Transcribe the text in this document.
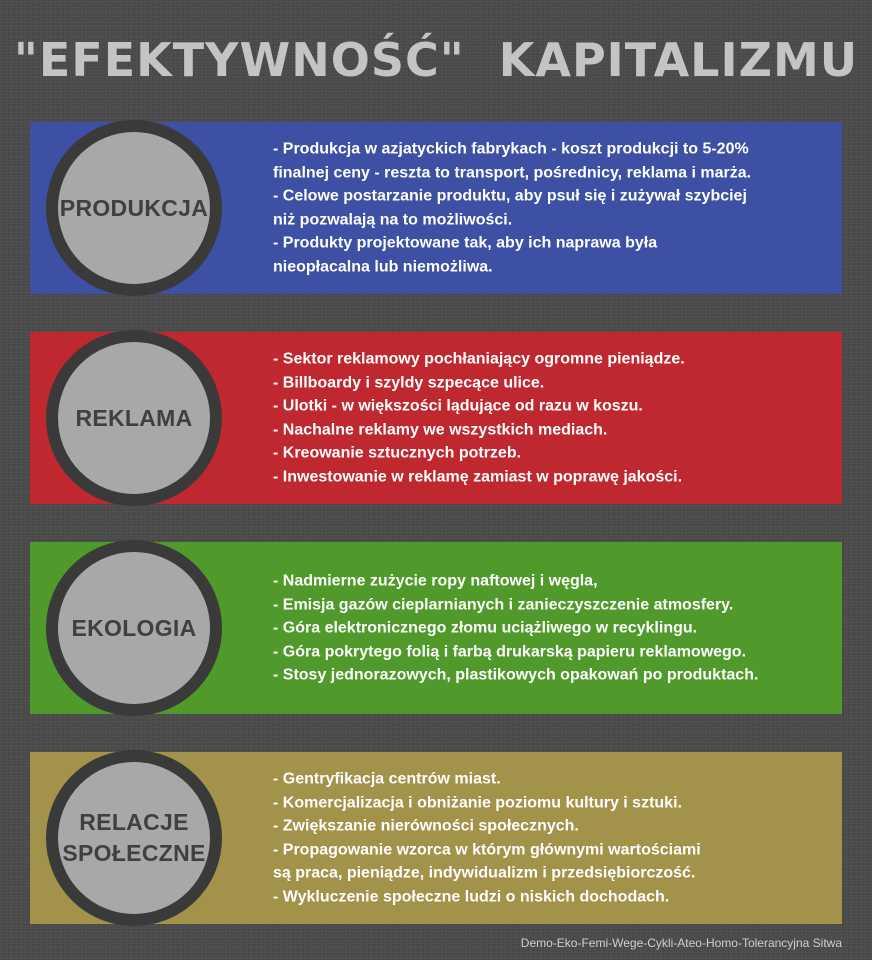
"EFEKTYWNOŚĆ"  KAPITALIZMU
PRODUKCJA
- Produkcja w azjatyckich fabrykach - koszt produkcji to 5-20%
finalnej ceny - reszta to transport, pośrednicy, reklama i marża.
- Celowe postarzanie produktu, aby psuł się i zużywał szybciej
niż pozwalają na to możliwości.
- Produkty projektowane tak, aby ich naprawa była
nieopłacalna lub niemożliwa.
REKLAMA
- Sektor reklamowy pochłaniający ogromne pieniądze.
- Billboardy i szyldy szpecące ulice.
- Ulotki - w większości lądujące od razu w koszu.
- Nachalne reklamy we wszystkich mediach.
- Kreowanie sztucznych potrzeb.
- Inwestowanie w reklamę zamiast w poprawę jakości.
EKOLOGIA
- Nadmierne zużycie ropy naftowej i węgla,
- Emisja gazów cieplarnianych i zanieczyszczenie atmosfery.
- Góra elektronicznego złomu uciążliwego w recyklingu.
- Góra pokrytego folią i farbą drukarską papieru reklamowego.
- Stosy jednorazowych, plastikowych opakowań po produktach.
RELACJE
SPOŁECZNE
- Gentryfikacja centrów miast.
- Komercjalizacja i obniżanie poziomu kultury i sztuki.
- Zwiększanie nierówności społecznych.
- Propagowanie wzorca w którym głównymi wartościami
są praca, pieniądze, indywidualizm i przedsiębiorczość.
- Wykluczenie społeczne ludzi o niskich dochodach.
Demo-Eko-Femi-Wege-Cykli-Ateo-Homo-Tolerancyjna Sitwa
